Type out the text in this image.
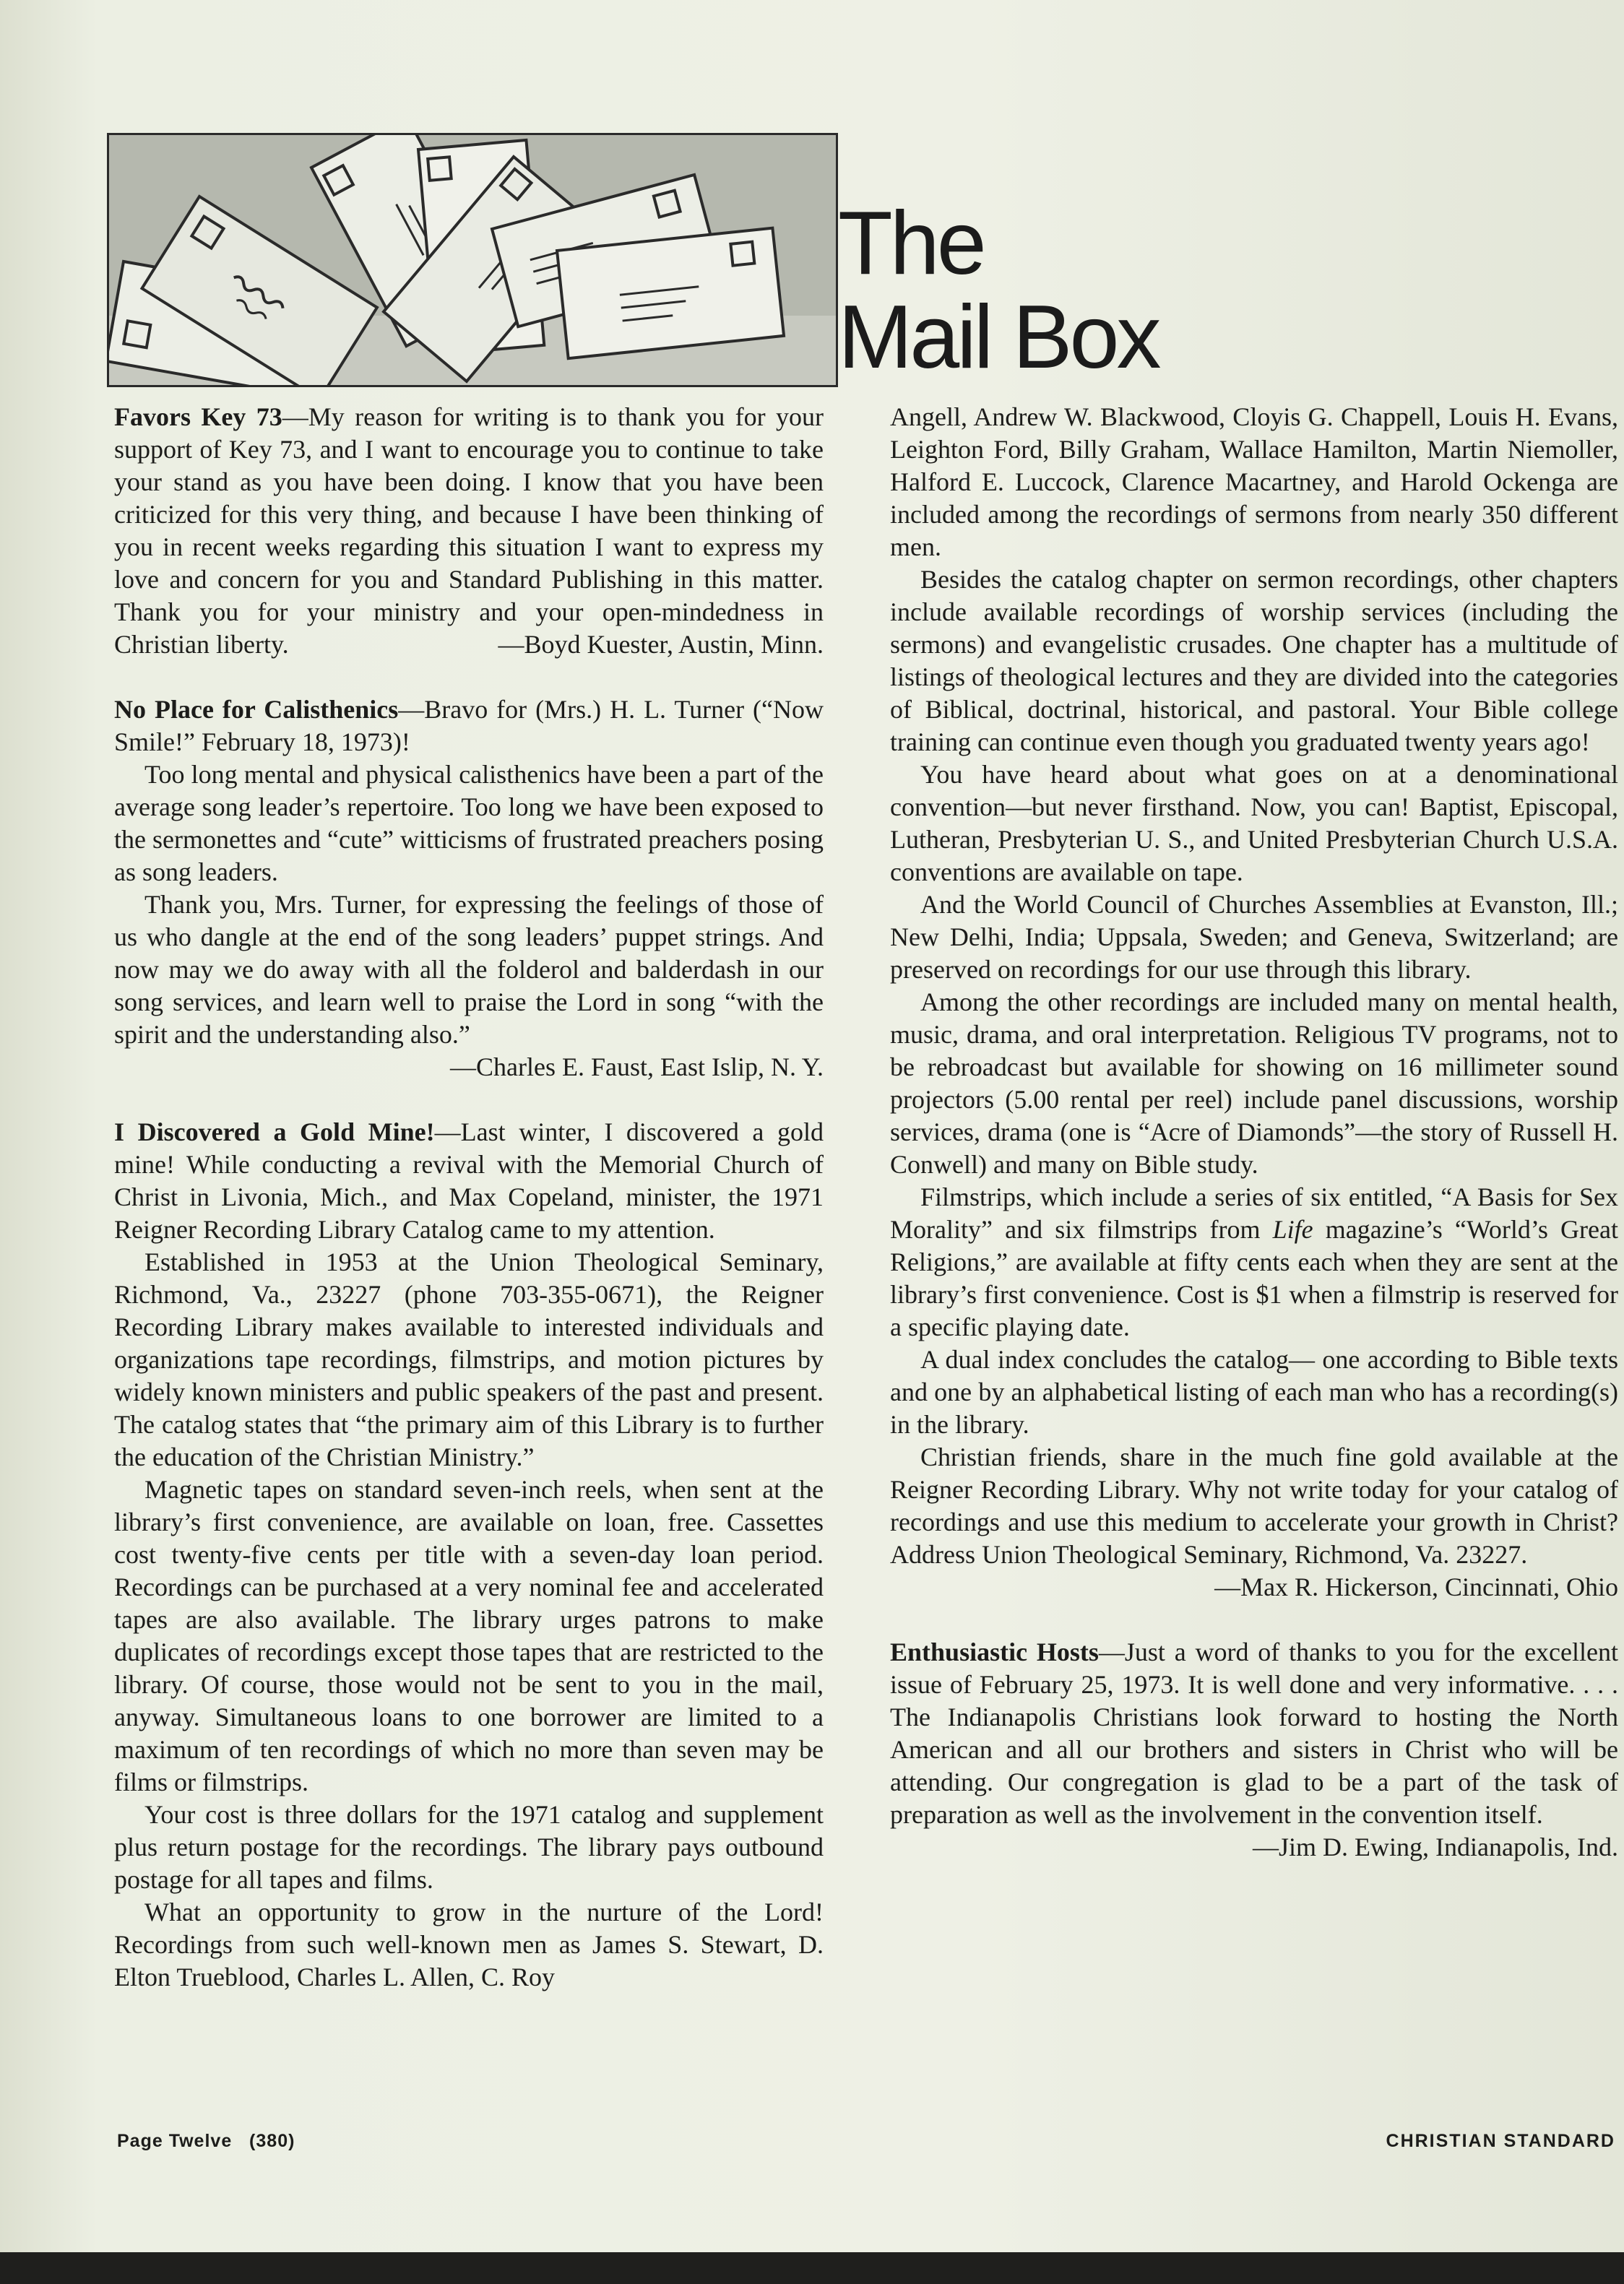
The
Mail Box

Favors Key 73—My reason for writing is to thank you for your support of Key 73, and I want to encourage you to continue to take your stand as you have been doing. I know that you have been criticized for this very thing, and because I have been thinking of you in recent weeks regarding this situation I want to express my love and concern for you and Standard Publishing in this matter. Thank you for your ministry and your open-mindedness in Christian liberty.	—Boyd Kuester, Austin, Minn.

No Place for Calisthenics—Bravo for (Mrs.) H. L. Turner (“Now Smile!” February 18, 1973)!

Too long mental and physical calisthenics have been a part of the average song leader’s repertoire. Too long we have been exposed to the sermonettes and “cute” witticisms of frustrated preachers posing as song leaders.

Thank you, Mrs. Turner, for expressing the feelings of those of us who dangle at the end of the song leaders’ puppet strings. And now may we do away with all the folderol and balderdash in our song services, and learn well to praise the Lord in song “with the spirit and the understanding also.”
—Charles E. Faust, East Islip, N. Y.

I Discovered a Gold Mine!—Last winter, I discovered a gold mine! While conducting a revival with the Memorial Church of Christ in Livonia, Mich., and Max Copeland, minister, the 1971 Reigner Recording Library Catalog came to my attention.

Established in 1953 at the Union Theological Seminary, Richmond, Va., 23227 (phone 703-355-0671), the Reigner Recording Library makes available to interested individuals and organizations tape recordings, filmstrips, and motion pictures by widely known ministers and public speakers of the past and present. The catalog states that “the primary aim of this Library is to further the education of the Christian Ministry.”

Magnetic tapes on standard seven-inch reels, when sent at the library’s first convenience, are available on loan, free. Cassettes cost twenty-five cents per title with a seven-day loan period. Recordings can be purchased at a very nominal fee and accelerated tapes are also available. The library urges patrons to make duplicates of recordings except those tapes that are restricted to the library. Of course, those would not be sent to you in the mail, anyway. Simultaneous loans to one borrower are limited to a maximum of ten recordings of which no more than seven may be films or filmstrips.

Your cost is three dollars for the 1971 catalog and supplement plus return postage for the recordings. The library pays outbound postage for all tapes and films.

What an opportunity to grow in the nurture of the Lord! Recordings from such well-known men as James S. Stewart, D. Elton Trueblood, Charles L. Allen, C. Roy

Angell, Andrew W. Blackwood, Cloyis G. Chappell, Louis H. Evans, Leighton Ford, Billy Graham, Wallace Hamilton, Martin Niemoller, Halford E. Luccock, Clarence Macartney, and Harold Ockenga are included among the recordings of sermons from nearly 350 different men.

Besides the catalog chapter on sermon recordings, other chapters include available recordings of worship services (including the sermons) and evangelistic crusades. One chapter has a multitude of listings of theological lectures and they are divided into the categories of Biblical, doctrinal, historical, and pastoral. Your Bible college training can continue even though you graduated twenty years ago!

You have heard about what goes on at a denominational convention—but never firsthand. Now, you can! Baptist, Episcopal, Lutheran, Presbyterian U. S., and United Presbyterian Church U.S.A. conventions are available on tape.

And the World Council of Churches Assemblies at Evanston, Ill.; New Delhi, India; Uppsala, Sweden; and Geneva, Switzerland; are preserved on recordings for our use through this library.

Among the other recordings are included many on mental health, music, drama, and oral interpretation. Religious TV programs, not to be rebroadcast but available for showing on 16 millimeter sound projectors (5.00 rental per reel) include panel discussions, worship services, drama (one is “Acre of Diamonds”—the story of Russell H. Conwell) and many on Bible study.

Filmstrips, which include a series of six entitled, “A Basis for Sex Morality” and six filmstrips from Life magazine’s “World’s Great Religions,” are available at fifty cents each when they are sent at the library’s first convenience. Cost is $1 when a filmstrip is reserved for a specific playing date.

A dual index concludes the catalog— one according to Bible texts and one by an alphabetical listing of each man who has a recording(s) in the library.

Christian friends, share in the much fine gold available at the Reigner Recording Library. Why not write today for your catalog of recordings and use this medium to accelerate your growth in Christ? Address Union Theological Seminary, Richmond, Va. 23227.

—Max R. Hickerson, Cincinnati, Ohio

Enthusiastic Hosts—Just a word of thanks to you for the excellent issue of February 25, 1973. It is well done and very informative. . . . The Indianapolis Christians look forward to hosting the North American and all our brothers and sisters in Christ who will be attending. Our congregation is glad to be a part of the task of preparation as well as the involvement in the convention itself.

—Jim D. Ewing, Indianapolis, Ind.

Page Twelve   (380)	CHRISTIAN STANDARD
